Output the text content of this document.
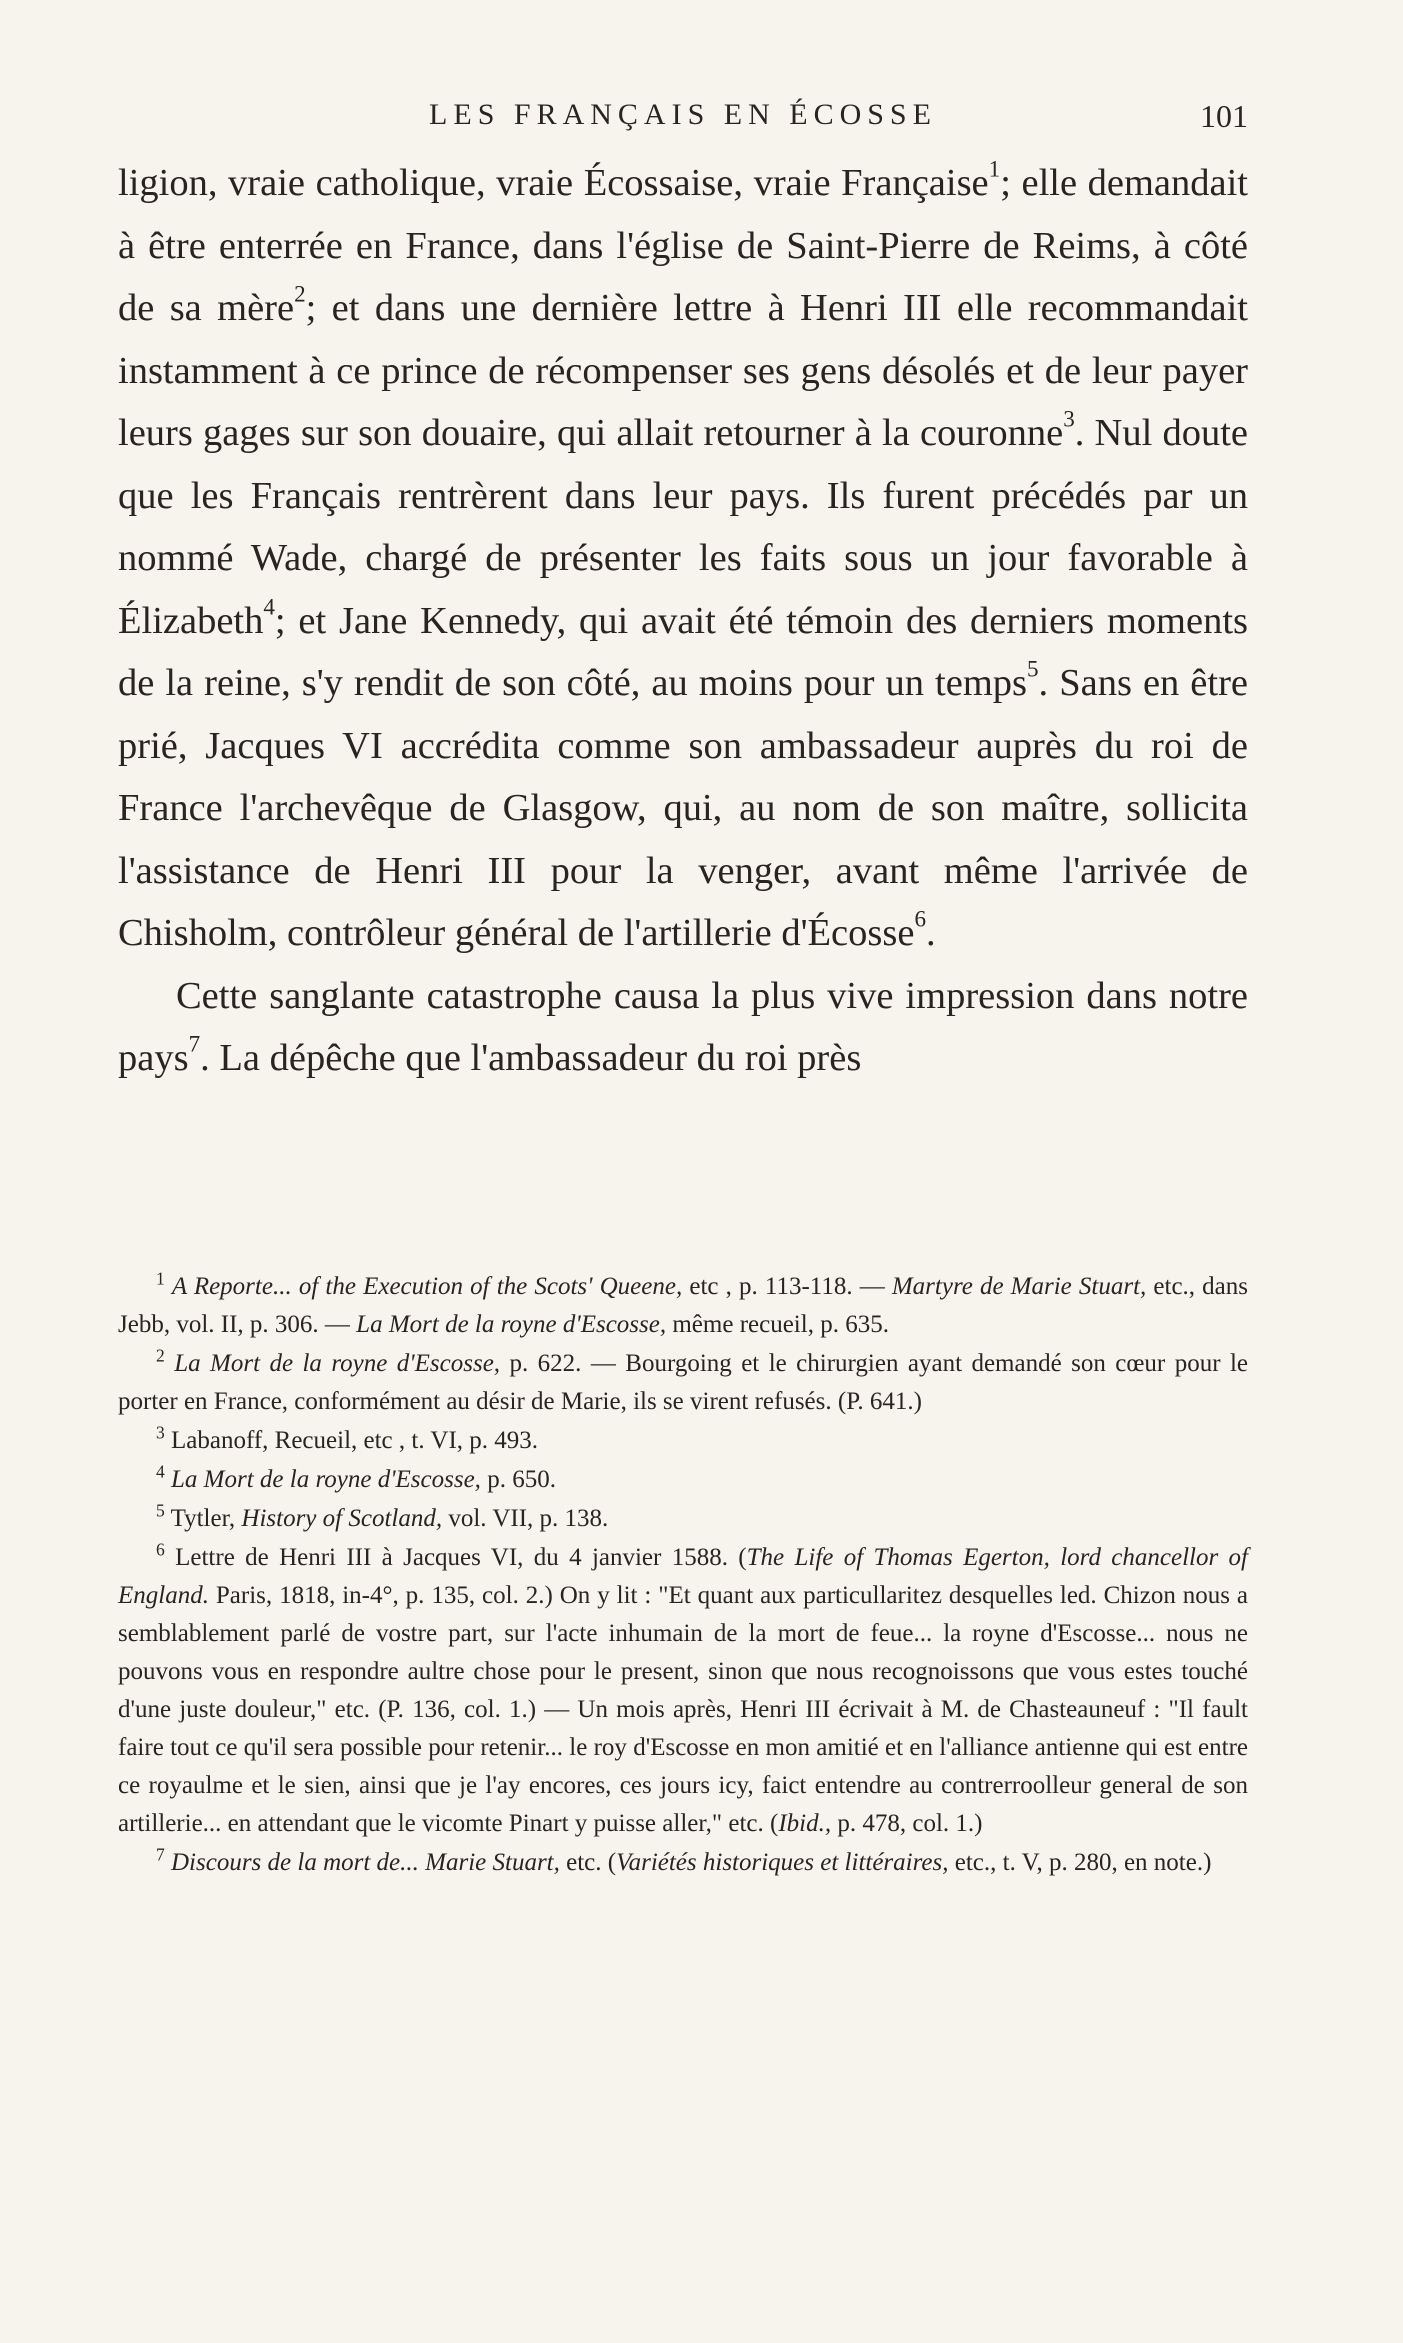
LES FRANÇAIS EN ÉCOSSE	101

ligion, vraie catholique, vraie Écossaise, vraie Française$^1$; elle demandait à être enterrée en France, dans l'église de Saint-Pierre de Reims, à côté de sa mère$^2$; et dans une dernière lettre à Henri III elle recommandait instamment à ce prince de récompenser ses gens désolés et de leur payer leurs gages sur son douaire, qui allait retourner à la couronne$^3$. Nul doute que les Français rentrèrent dans leur pays. Ils furent précédés par un nommé Wade, chargé de présenter les faits sous un jour favorable à Élizabeth$^4$; et Jane Kennedy, qui avait été témoin des derniers moments de la reine, s'y rendit de son côté, au moins pour un temps$^5$. Sans en être prié, Jacques VI accrédita comme son ambassadeur auprès du roi de France l'archevêque de Glasgow, qui, au nom de son maître, sollicita l'assistance de Henri III pour la venger, avant même l'arrivée de Chisholm, contrôleur général de l'artillerie d'Écosse$^6$.

Cette sanglante catastrophe causa la plus vive impression dans notre pays$^7$. La dépêche que l'ambassadeur du roi près

$^1$ A Reporte... of the Execution of the Scots' Queene, etc , p. 113-118. — Martyre de Marie Stuart, etc., dans Jebb, vol. II, p. 306. — La Mort de la royne d'Escosse, même recueil, p. 635.

$^2$ La Mort de la royne d'Escosse, p. 622. — Bourgoing et le chirurgien ayant demandé son cœur pour le porter en France, conformément au désir de Marie, ils se virent refusés. (P. 641.)

$^3$ Labanoff, Recueil, etc , t. VI, p. 493.

$^4$ La Mort de la royne d'Escosse, p. 650.

$^5$ Tytler, History of Scotland, vol. VII, p. 138.

$^6$ Lettre de Henri III à Jacques VI, du 4 janvier 1588. (The Life of Thomas Egerton, lord chancellor of England. Paris, 1818, in-4°, p. 135, col. 2.) On y lit : "Et quant aux particullaritez desquelles led. Chizon nous a semblablement parlé de vostre part, sur l'acte inhumain de la mort de feue... la royne d'Escosse... nous ne pouvons vous en respondre aultre chose pour le present, sinon que nous recognoissons que vous estes touché d'une juste douleur," etc. (P. 136, col. 1.) — Un mois après, Henri III écrivait à M. de Chasteauneuf : "Il fault faire tout ce qu'il sera possible pour retenir... le roy d'Escosse en mon amitié et en l'alliance antienne qui est entre ce royaulme et le sien, ainsi que je l'ay encores, ces jours icy, faict entendre au contrerroolleur general de son artillerie... en attendant que le vicomte Pinart y puisse aller," etc. (Ibid., p. 478, col. 1.)

$^7$ Discours de la mort de... Marie Stuart, etc. (Variétés historiques et littéraires, etc., t. V, p. 280, en note.)
